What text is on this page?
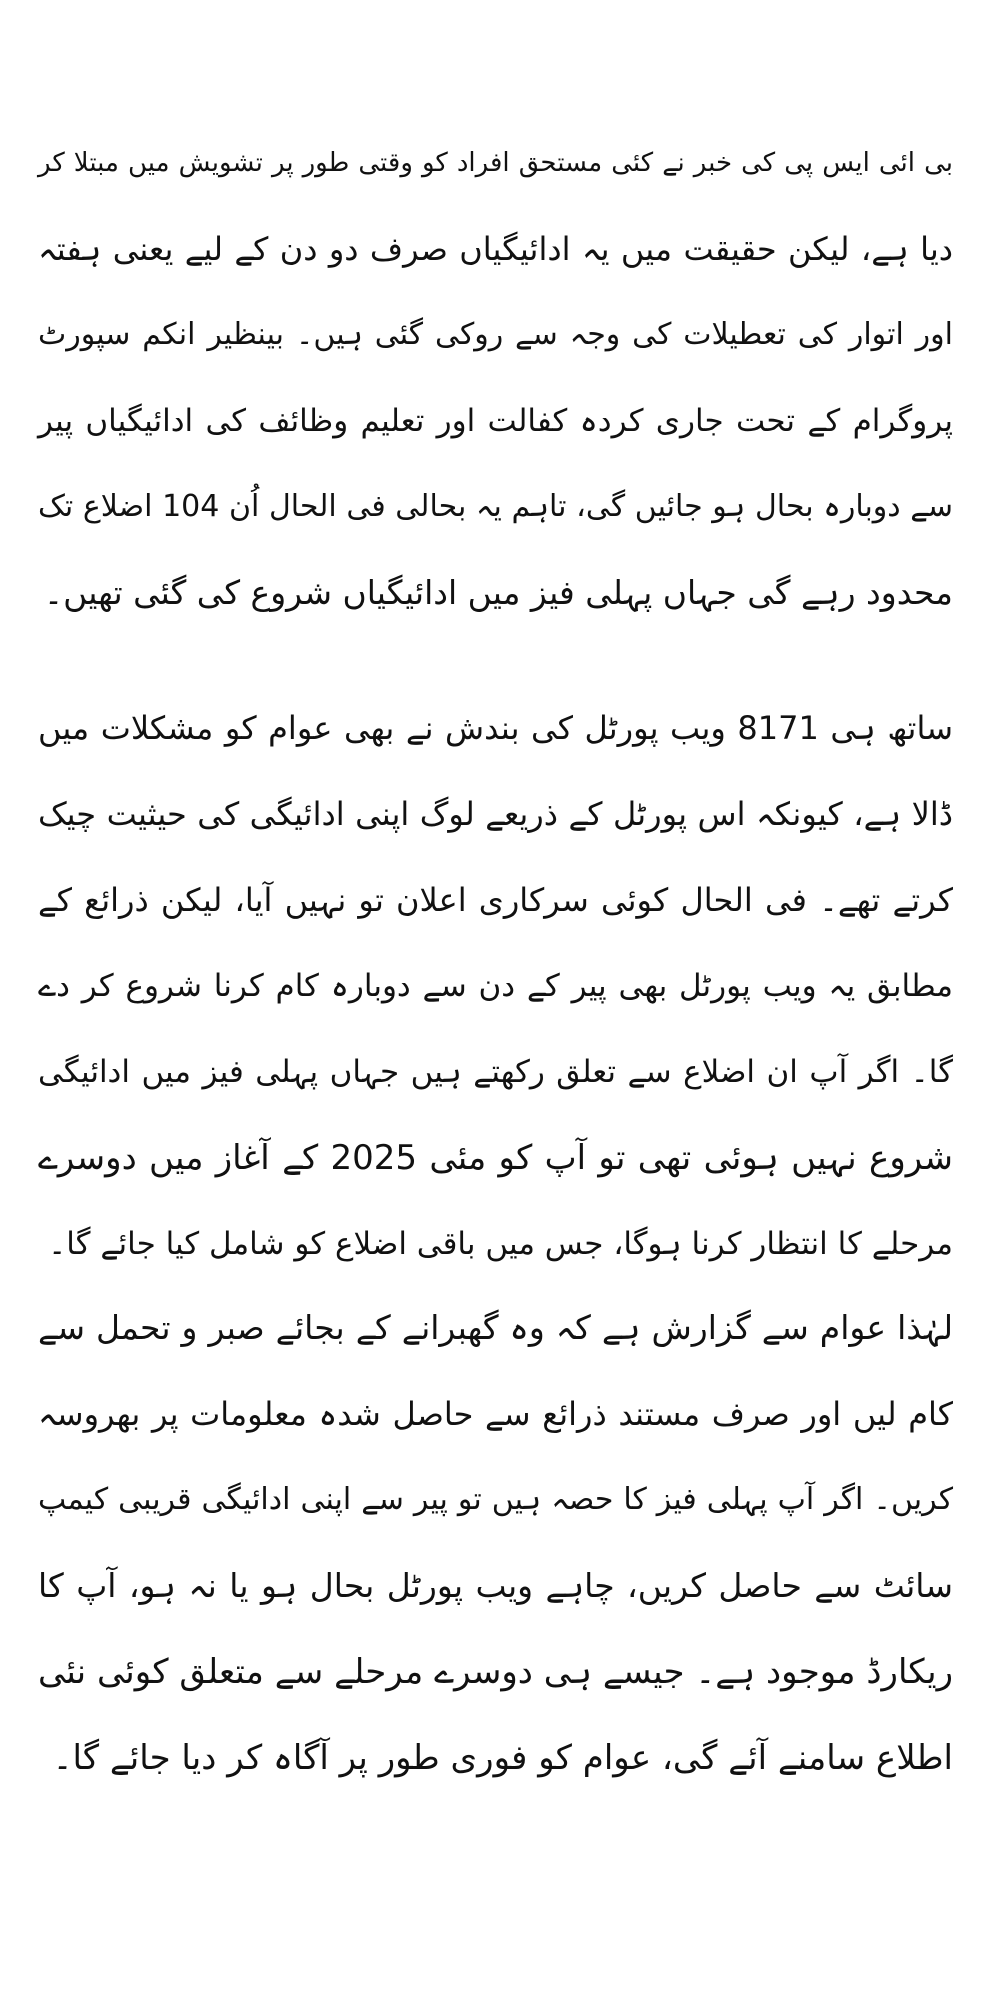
بی ائی ایس پی کی خبر نے کئی مستحق افراد کو وقتی طور پر تشویش میں مبتلا کر
دیا ہے، لیکن حقیقت میں یہ ادائیگیاں صرف دو دن کے لیے یعنی ہفتہ
اور اتوار کی تعطیلات کی وجہ سے روکی گئی ہیں۔ بینظیر انکم سپورٹ
پروگرام کے تحت جاری کردہ کفالت اور تعلیم وظائف کی ادائیگیاں پیر
سے دوبارہ بحال ہو جائیں گی، تاہم یہ بحالی فی الحال اُن 104 اضلاع تک
محدود رہے گی جہاں پہلی فیز میں ادائیگیاں شروع کی گئی تھیں۔
ساتھ ہی 8171 ویب پورٹل کی بندش نے بھی عوام کو مشکلات میں
ڈالا ہے، کیونکہ اس پورٹل کے ذریعے لوگ اپنی ادائیگی کی حیثیت چیک
کرتے تھے۔ فی الحال کوئی سرکاری اعلان تو نہیں آیا، لیکن ذرائع کے
مطابق یہ ویب پورٹل بھی پیر کے دن سے دوبارہ کام کرنا شروع کر دے
گا۔ اگر آپ ان اضلاع سے تعلق رکھتے ہیں جہاں پہلی فیز میں ادائیگی
شروع نہیں ہوئی تھی تو آپ کو مئی 2025 کے آغاز میں دوسرے
مرحلے کا انتظار کرنا ہوگا، جس میں باقی اضلاع کو شامل کیا جائے گا۔
لہٰذا عوام سے گزارش ہے کہ وہ گھبرانے کے بجائے صبر و تحمل سے
کام لیں اور صرف مستند ذرائع سے حاصل شدہ معلومات پر بھروسہ
کریں۔ اگر آپ پہلی فیز کا حصہ ہیں تو پیر سے اپنی ادائیگی قریبی کیمپ
سائٹ سے حاصل کریں، چاہے ویب پورٹل بحال ہو یا نہ ہو، آپ کا
ریکارڈ موجود ہے۔ جیسے ہی دوسرے مرحلے سے متعلق کوئی نئی
اطلاع سامنے آئے گی، عوام کو فوری طور پر آگاہ کر دیا جائے گا۔
